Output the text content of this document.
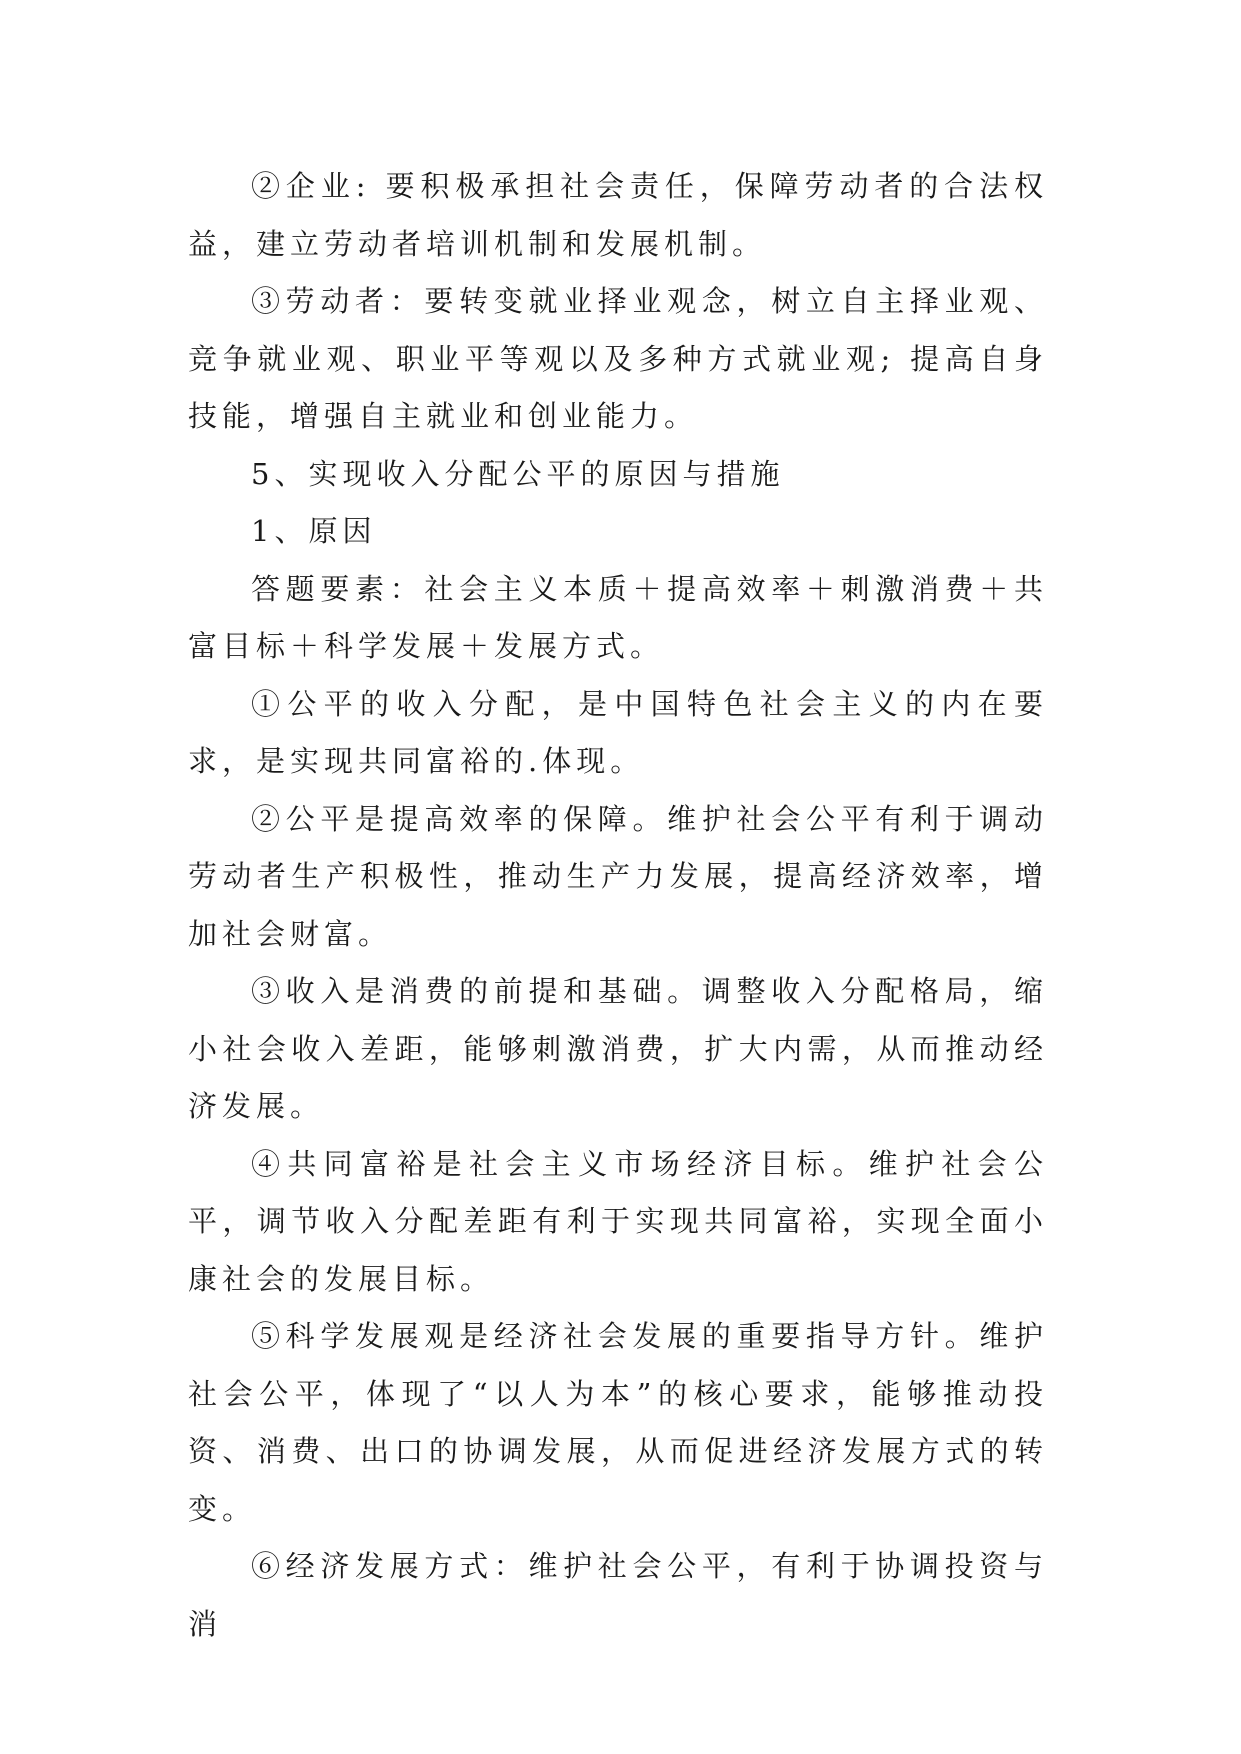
②企业: 要积极承担社会责任，保障劳动者的合法权益，建立劳动者培训机制和发展机制。

③劳动者：要转变就业择业观念，树立自主择业观、竞争就业观、职业平等观以及多种方式就业观; 提高自身技能，增强自主就业和创业能力。

5、实现收入分配公平的原因与措施

1、原因

答题要素：社会主义本质＋提高效率＋刺激消费＋共富目标＋科学发展＋发展方式。

①公平的收入分配，是中国特色社会主义的内在要求，是实现共同富裕的.体现。

②公平是提高效率的保障。维护社会公平有利于调动劳动者生产积极性，推动生产力发展，提高经济效率，增加社会财富。

③收入是消费的前提和基础。调整收入分配格局，缩小社会收入差距，能够刺激消费，扩大内需，从而推动经济发展。

④共同富裕是社会主义市场经济目标。维护社会公平，调节收入分配差距有利于实现共同富裕，实现全面小康社会的发展目标。

⑤科学发展观是经济社会发展的重要指导方针。维护社会公平，体现了“以人为本”的核心要求，能够推动投资、消费、出口的协调发展，从而促进经济发展方式的转变。

⑥经济发展方式：维护社会公平，有利于协调投资与消
